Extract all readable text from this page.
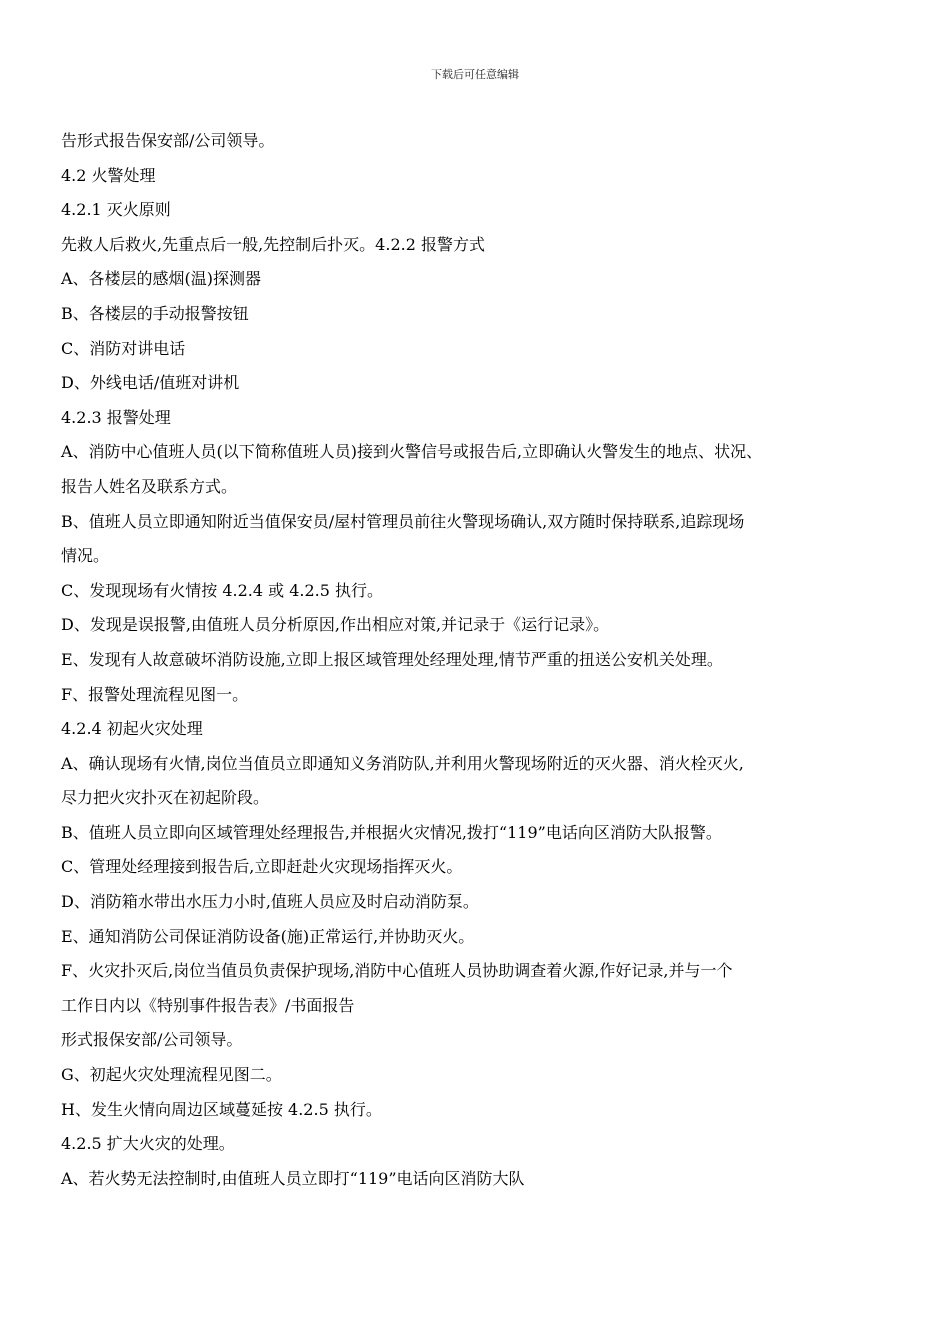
下载后可任意编辑
告形式报告保安部/公司领导。
4.2 火警处理
4.2.1 灭火原则
先救人后救火,先重点后一般,先控制后扑灭。4.2.2 报警方式
A、各楼层的感烟(温)探测器
B、各楼层的手动报警按钮
C、消防对讲电话
D、外线电话/值班对讲机
4.2.3 报警处理
A、消防中心值班人员(以下简称值班人员)接到火警信号或报告后,立即确认火警发生的地点、状况、
报告人姓名及联系方式。
B、值班人员立即通知附近当值保安员/屋村管理员前往火警现场确认,双方随时保持联系,追踪现场
情况。
C、发现现场有火情按 4.2.4 或 4.2.5 执行。
D、发现是误报警,由值班人员分析原因,作出相应对策,并记录于《运行记录》。
E、发现有人故意破坏消防设施,立即上报区域管理处经理处理,情节严重的扭送公安机关处理。
F、报警处理流程见图一。
4.2.4 初起火灾处理
A、确认现场有火情,岗位当值员立即通知义务消防队,并利用火警现场附近的灭火器、消火栓灭火,
尽力把火灾扑灭在初起阶段。
B、值班人员立即向区域管理处经理报告,并根据火灾情况,拨打“119”电话向区消防大队报警。
C、管理处经理接到报告后,立即赶赴火灾现场指挥灭火。
D、消防箱水带出水压力小时,值班人员应及时启动消防泵。
E、通知消防公司保证消防设备(施)正常运行,并协助灭火。
F、火灾扑灭后,岗位当值员负责保护现场,消防中心值班人员协助调查着火源,作好记录,并与一个
工作日内以《特别事件报告表》/书面报告
形式报保安部/公司领导。
G、初起火灾处理流程见图二。
H、发生火情向周边区域蔓延按 4.2.5 执行。
4.2.5 扩大火灾的处理。
A、若火势无法控制时,由值班人员立即打“119”电话向区消防大队
